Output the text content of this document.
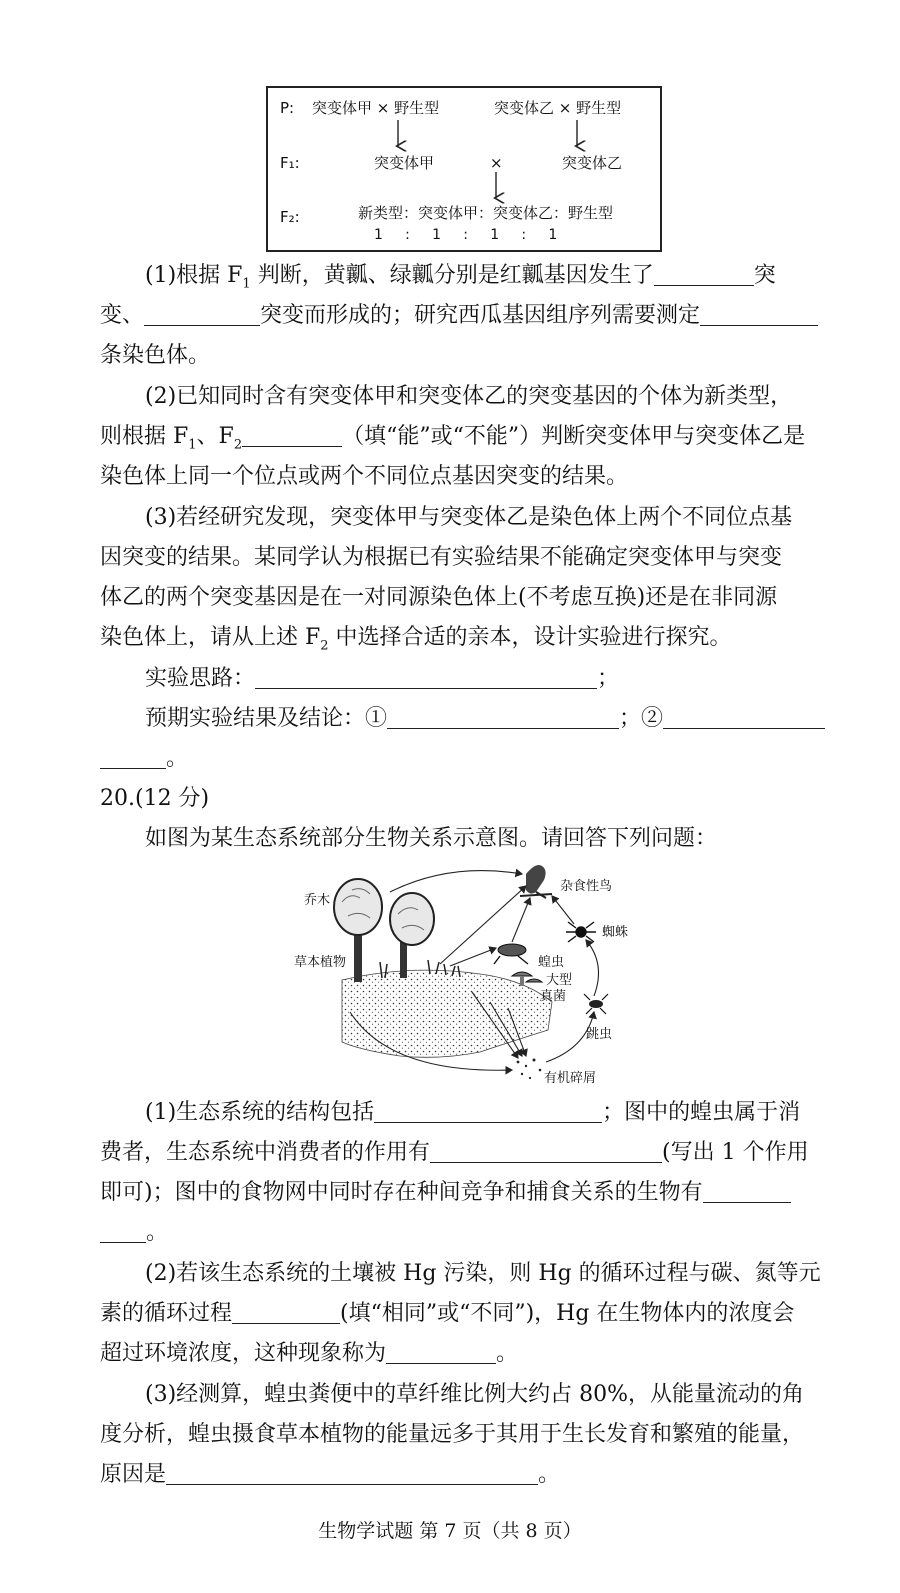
P: 突变体甲 × 野生型	突变体乙 × 野生型
F₁:	突变体甲	×	突变体乙
F₂:	新类型：突变体甲：突变体乙：野生型
1     :     1     :     1     :     1
(1)根据 $F_1$ 判断，黄瓤、绿瓤分别是红瓤基因发生了	突
变、	突变而形成的；研究西瓜基因组序列需要测定
条染色体。
(2)已知同时含有突变体甲和突变体乙的突变基因的个体为新类型，
则根据 $F_1$、$F_2$	（填“能”或“不能”）判断突变体甲与突变体乙是
染色体上同一个位点或两个不同位点基因突变的结果。
(3)若经研究发现，突变体甲与突变体乙是染色体上两个不同位点基
因突变的结果。某同学认为根据已有实验结果不能确定突变体甲与突变
体乙的两个突变基因是在一对同源染色体上(不考虑互换)还是在非同源
染色体上，请从上述 $F_2$ 中选择合适的亲本，设计实验进行探究。
实验思路：	；
预期实验结果及结论：①	；②
。
20.(12 分)
如图为某生态系统部分生物关系示意图。请回答下列问题：
乔木
杂食性鸟
蜘蛛
草本植物	蝗虫
大型
真菌
跳虫
有机碎屑
(1)生态系统的结构包括	；图中的蝗虫属于消
费者，生态系统中消费者的作用有	(写出 1 个作用
即可)；图中的食物网中同时存在种间竞争和捕食关系的生物有
。
(2)若该生态系统的土壤被 Hg 污染，则 Hg 的循环过程与碳、氮等元
素的循环过程	(填“相同”或“不同”)，Hg 在生物体内的浓度会
超过环境浓度，这种现象称为	。
(3)经测算，蝗虫粪便中的草纤维比例大约占 80%，从能量流动的角
度分析，蝗虫摄食草本植物的能量远多于其用于生长发育和繁殖的能量，
原因是	。
生物学试题 第 7 页（共 8 页）
